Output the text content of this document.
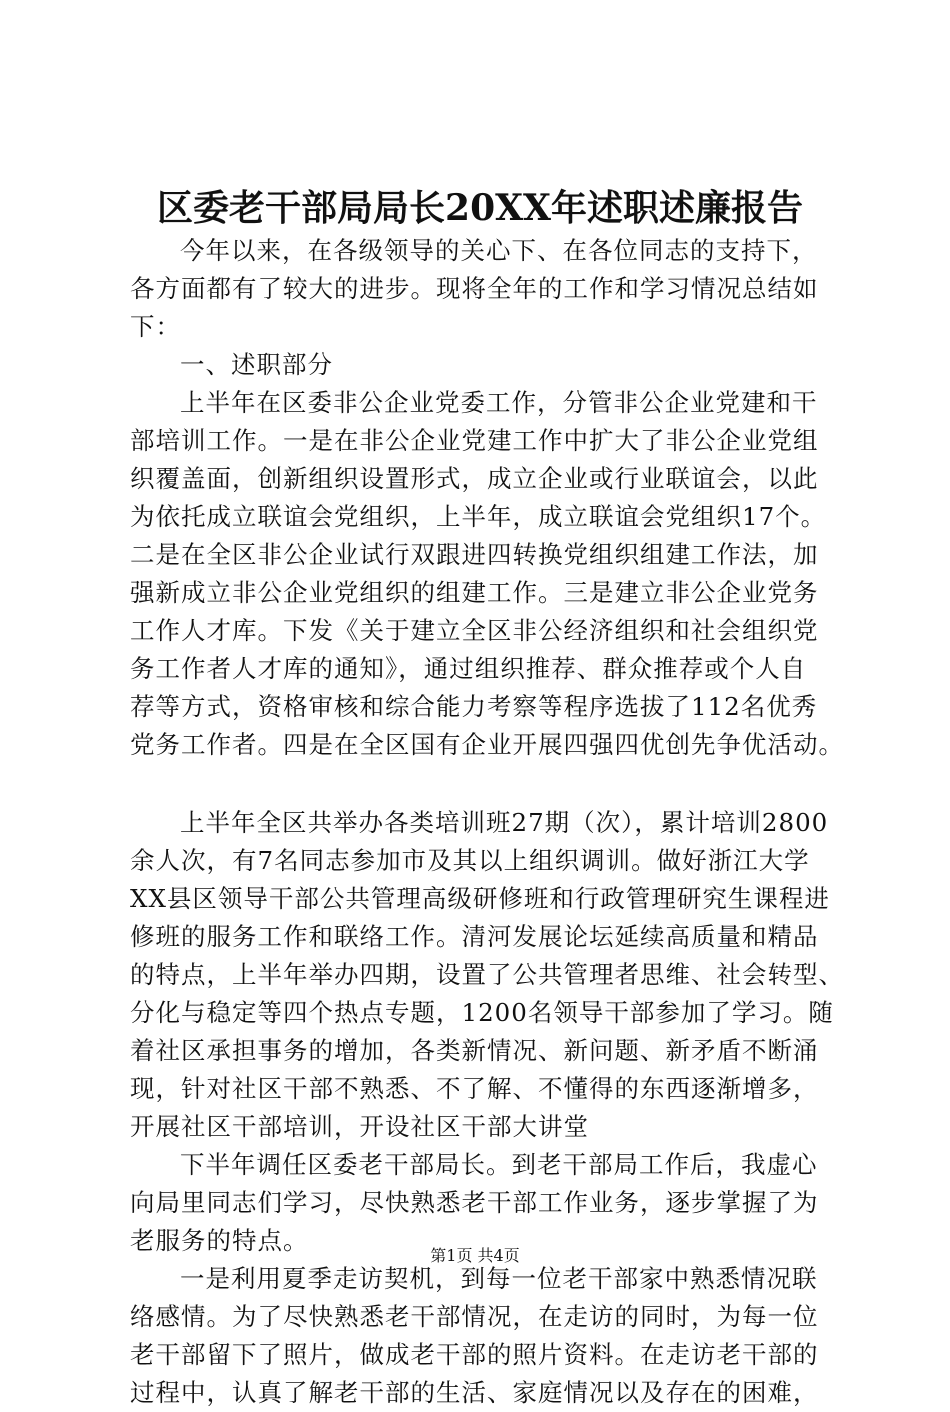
区委老干部局局长20XX年述职述廉报告
今年以来，在各级领导的关心下、在各位同志的支持下，
各方面都有了较大的进步。现将全年的工作和学习情况总结如
下：
一、述职部分
上半年在区委非公企业党委工作，分管非公企业党建和干
部培训工作。一是在非公企业党建工作中扩大了非公企业党组
织覆盖面，创新组织设置形式，成立企业或行业联谊会，以此
为依托成立联谊会党组织，上半年，成立联谊会党组织17个。
二是在全区非公企业试行双跟进四转换党组织组建工作法，加
强新成立非公企业党组织的组建工作。三是建立非公企业党务
工作人才库。下发《关于建立全区非公经济组织和社会组织党
务工作者人才库的通知》，通过组织推荐、群众推荐或个人自
荐等方式，资格审核和综合能力考察等程序选拔了112名优秀
党务工作者。四是在全区国有企业开展四强四优创先争优活动。
上半年全区共举办各类培训班27期（次），累计培训2800
余人次，有7名同志参加市及其以上组织调训。做好浙江大学
XX县区领导干部公共管理高级研修班和行政管理研究生课程进
修班的服务工作和联络工作。清河发展论坛延续高质量和精品
的特点，上半年举办四期，设置了公共管理者思维、社会转型、
分化与稳定等四个热点专题，1200名领导干部参加了学习。随
着社区承担事务的增加，各类新情况、新问题、新矛盾不断涌
现，针对社区干部不熟悉、不了解、不懂得的东西逐渐增多，
开展社区干部培训，开设社区干部大讲堂
下半年调任区委老干部局长。到老干部局工作后，我虚心
向局里同志们学习，尽快熟悉老干部工作业务，逐步掌握了为
老服务的特点。
一是利用夏季走访契机，到每一位老干部家中熟悉情况联
络感情。为了尽快熟悉老干部情况，在走访的同时，为每一位
老干部留下了照片，做成老干部的照片资料。在走访老干部的
过程中，认真了解老干部的生活、家庭情况以及存在的困难，
第1页 共4页
